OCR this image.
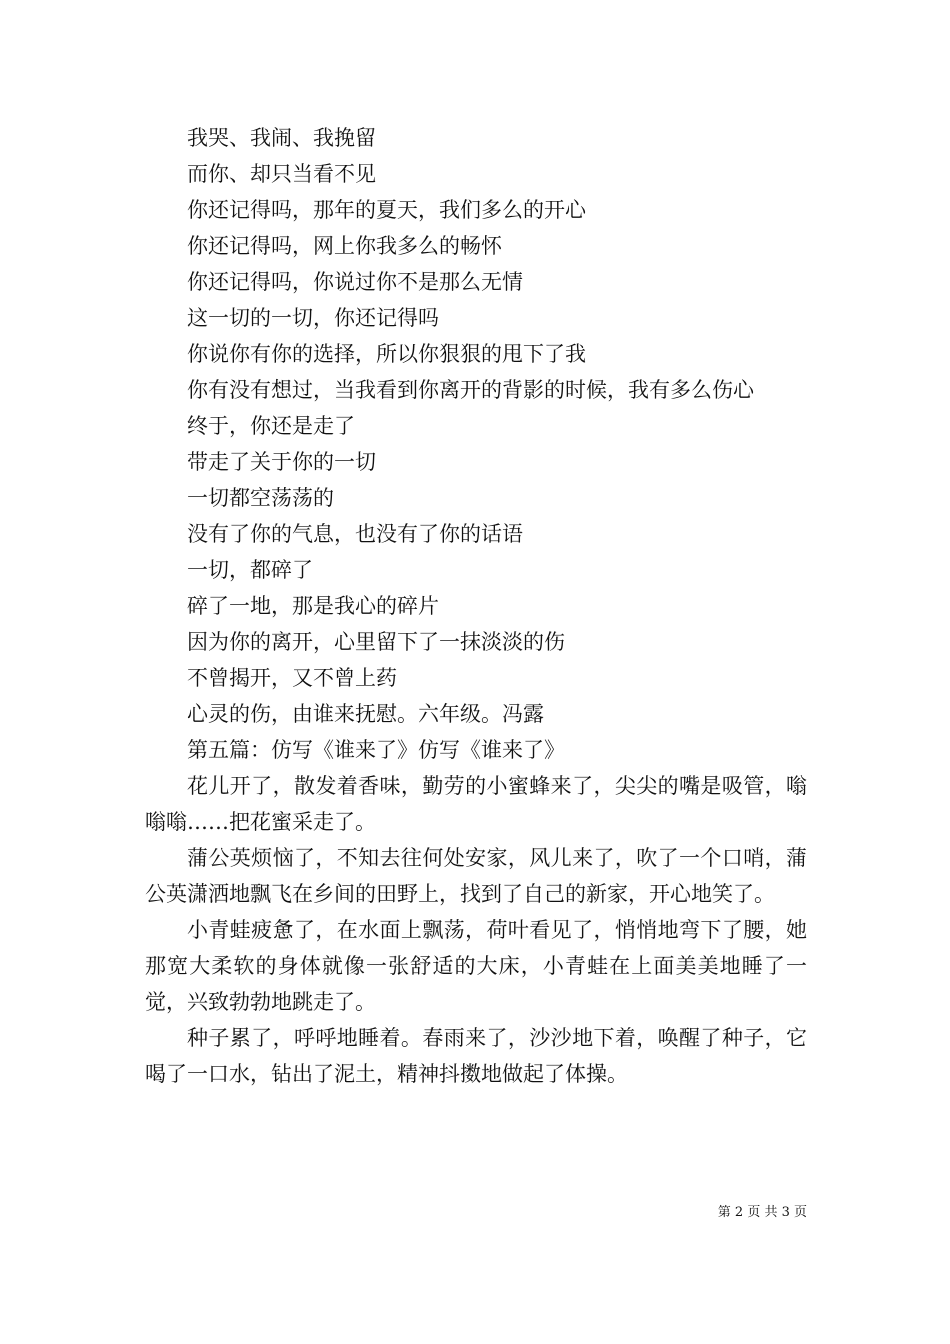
我哭、我闹、我挽留

而你、却只当看不见

你还记得吗，那年的夏天，我们多么的开心

你还记得吗，网上你我多么的畅怀

你还记得吗，你说过你不是那么无情

这一切的一切，你还记得吗

你说你有你的选择，所以你狠狠的甩下了我

你有没有想过，当我看到你离开的背影的时候，我有多么伤心

终于，你还是走了

带走了关于你的一切

一切都空荡荡的

没有了你的气息，也没有了你的话语

一切，都碎了

碎了一地，那是我心的碎片

因为你的离开，心里留下了一抹淡淡的伤

不曾揭开，又不曾上药

心灵的伤，由谁来抚慰。六年级。冯露

第五篇：仿写《谁来了》仿写《谁来了》

花儿开了，散发着香味，勤劳的小蜜蜂来了，尖尖的嘴是吸管，嗡嗡嗡……把花蜜采走了。

蒲公英烦恼了，不知去往何处安家，风儿来了，吹了一个口哨，蒲公英潇洒地飘飞在乡间的田野上，找到了自己的新家，开心地笑了。

小青蛙疲惫了，在水面上飘荡，荷叶看见了，悄悄地弯下了腰，她那宽大柔软的身体就像一张舒适的大床，小青蛙在上面美美地睡了一觉，兴致勃勃地跳走了。

种子累了，呼呼地睡着。春雨来了，沙沙地下着，唤醒了种子，它喝了一口水，钻出了泥土，精神抖擞地做起了体操。

第 2 页 共 3 页
